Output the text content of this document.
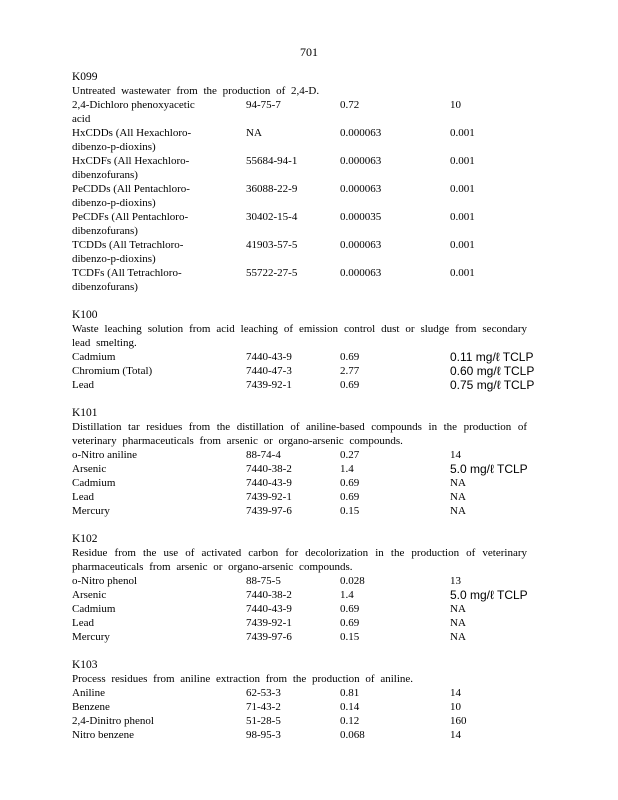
701
K099
Untreated wastewater from the production of 2,4-D.
2,4-Dichloro phenoxyacetic acid
94-75-7	0.72	10
HxCDDs (All Hexachloro-dibenzo-p-dioxins)
NA	0.000063	0.001
HxCDFs (All Hexachloro-dibenzofurans)
55684-94-1	0.000063	0.001
PeCDDs (All Pentachloro-dibenzo-p-dioxins)
36088-22-9	0.000063	0.001
PeCDFs (All Pentachloro-dibenzofurans)
30402-15-4	0.000035	0.001
TCDDs (All Tetrachloro-dibenzo-p-dioxins)
41903-57-5	0.000063	0.001
TCDFs (All Tetrachloro-dibenzofurans)
55722-27-5	0.000063	0.001
K100
Waste leaching solution from acid leaching of emission control dust or sludge from secondary lead smelting.
Cadmium	7440-43-9	0.69	0.11 mg/ℓ TCLP
Chromium (Total)	7440-47-3	2.77	0.60 mg/ℓ TCLP
Lead	7439-92-1	0.69	0.75 mg/ℓ TCLP
K101
Distillation tar residues from the distillation of aniline-based compounds in the production of veterinary pharmaceuticals from arsenic or organo-arsenic compounds.
o-Nitro aniline	88-74-4	0.27	14
Arsenic	7440-38-2	1.4	5.0 mg/ℓ TCLP
Cadmium	7440-43-9	0.69	NA
Lead	7439-92-1	0.69	NA
Mercury	7439-97-6	0.15	NA
K102
Residue from the use of activated carbon for decolorization in the production of veterinary pharmaceuticals from arsenic or organo-arsenic compounds.
o-Nitro phenol	88-75-5	0.028	13
Arsenic	7440-38-2	1.4	5.0 mg/ℓ TCLP
Cadmium	7440-43-9	0.69	NA
Lead	7439-92-1	0.69	NA
Mercury	7439-97-6	0.15	NA
K103
Process residues from aniline extraction from the production of aniline.
Aniline	62-53-3	0.81	14
Benzene	71-43-2	0.14	10
2,4-Dinitro phenol	51-28-5	0.12	160
Nitro benzene	98-95-3	0.068	14
